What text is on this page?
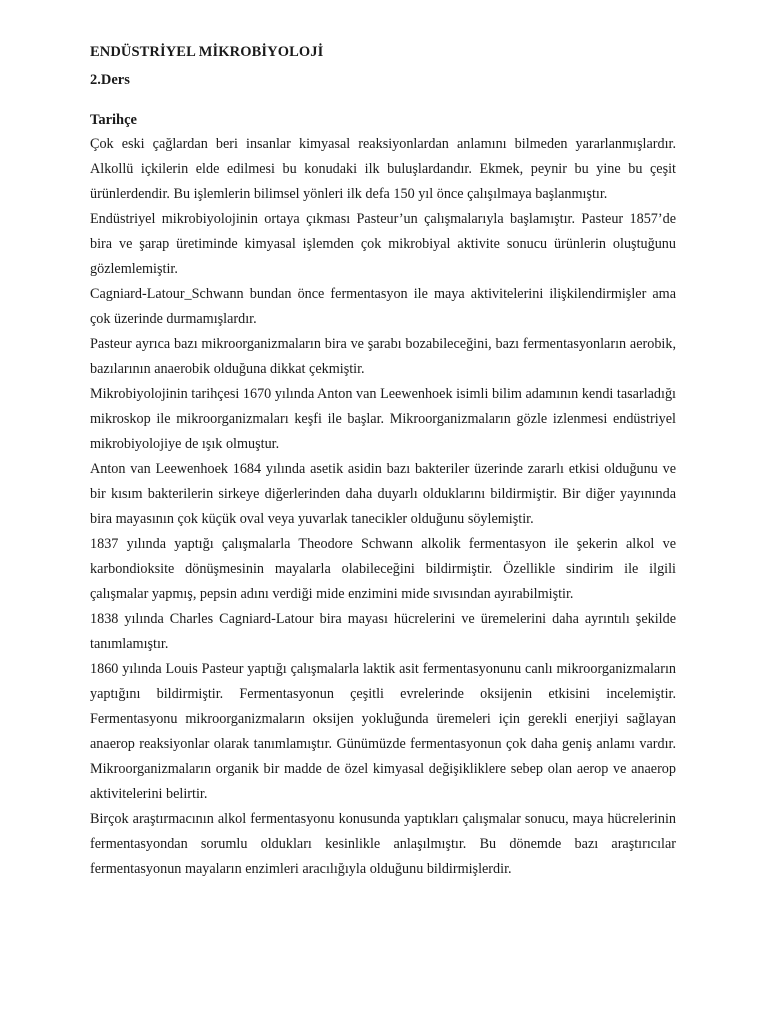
ENDÜSTRİYEL MİKROBİYOLOJİ
2.Ders
Tarihçe

Çok eski çağlardan beri insanlar kimyasal reaksiyonlardan anlamını bilmeden yararlanmışlardır. Alkollü içkilerin elde edilmesi bu konudaki ilk buluşlardandır. Ekmek, peynir bu yine bu çeşit ürünlerdendir. Bu işlemlerin bilimsel yönleri ilk defa 150 yıl önce çalışılmaya başlanmıştır.

Endüstriyel mikrobiyolojinin ortaya çıkması Pasteur’un çalışmalarıyla başlamıştır. Pasteur 1857’de bira ve şarap üretiminde kimyasal işlemden çok mikrobiyal aktivite sonucu ürünlerin oluştuğunu gözlemlemiştir.

Cagniard-Latour_Schwann bundan önce fermentasyon ile maya aktivitelerini ilişkilendirmişler ama çok üzerinde durmamışlardır.

Pasteur ayrıca bazı mikroorganizmaların bira ve şarabı bozabileceğini, bazı fermentasyonların aerobik, bazılarının anaerobik olduğuna dikkat çekmiştir.

Mikrobiyolojinin tarihçesi 1670 yılında Anton van Leewenhoek isimli bilim adamının kendi tasarladığı mikroskop ile mikroorganizmaları keşfi ile başlar. Mikroorganizmaların gözle izlenmesi endüstriyel mikrobiyolojiye de ışık olmuştur.

Anton van Leewenhoek 1684 yılında asetik asidin bazı bakteriler üzerinde zararlı etkisi olduğunu ve bir kısım bakterilerin sirkeye diğerlerinden daha duyarlı olduklarını bildirmiştir. Bir diğer yayınında bira mayasının çok küçük oval veya yuvarlak tanecikler olduğunu söylemiştir.

1837 yılında yaptığı çalışmalarla Theodore Schwann alkolik fermentasyon ile şekerin alkol ve karbondioksite dönüşmesinin mayalarla olabileceğini bildirmiştir. Özellikle sindirim ile ilgili çalışmalar yapmış, pepsin adını verdiği mide enzimini mide sıvısından ayırabilmiştir.

1838 yılında Charles Cagniard-Latour bira mayası hücrelerini ve üremelerini daha ayrıntılı şekilde tanımlamıştır.

1860 yılında Louis Pasteur yaptığı çalışmalarla laktik asit fermentasyonunu canlı mikroorganizmaların yaptığını bildirmiştir. Fermentasyonun çeşitli evrelerinde oksijenin etkisini incelemiştir. Fermentasyonu mikroorganizmaların oksijen yokluğunda üremeleri için gerekli enerjiyi sağlayan anaerop reaksiyonlar olarak tanımlamıştır. Günümüzde fermentasyonun çok daha geniş anlamı vardır. Mikroorganizmaların organik bir madde de özel kimyasal değişikliklere sebep olan aerop ve anaerop aktivitelerini belirtir.

Birçok araştırmacının alkol fermentasyonu konusunda yaptıkları çalışmalar sonucu, maya hücrelerinin fermentasyondan sorumlu oldukları kesinlikle anlaşılmıştır. Bu dönemde bazı araştırıcılar fermentasyonun mayaların enzimleri aracılığıyla olduğunu bildirmişlerdir.
